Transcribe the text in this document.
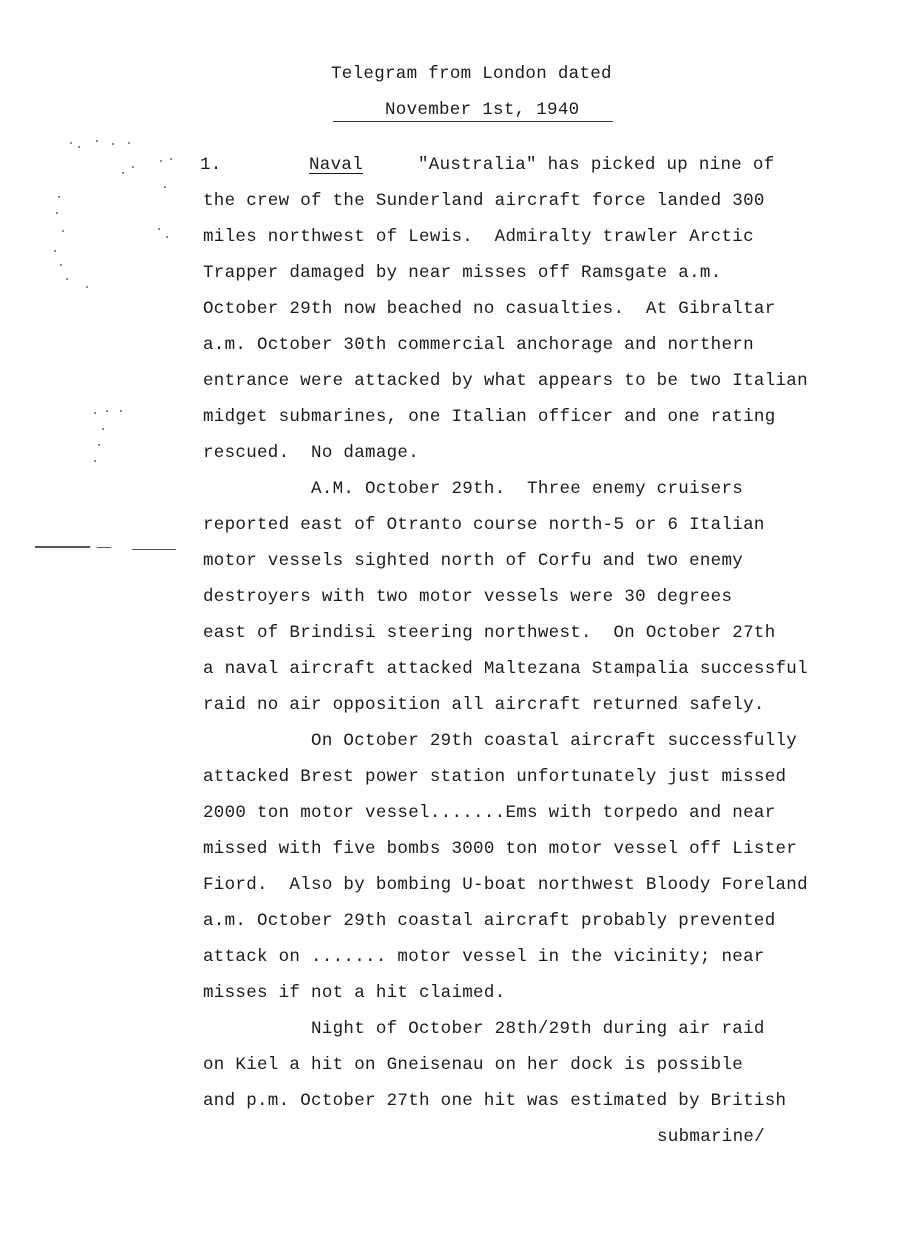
Telegram from London dated
November 1st, 1940
1.	Naval	"Australia" has picked up nine of
the crew of the Sunderland aircraft force landed 300
miles northwest of Lewis.  Admiralty trawler Arctic
Trapper damaged by near misses off Ramsgate a.m.
October 29th now beached no casualties.  At Gibraltar
a.m. October 30th commercial anchorage and northern
entrance were attacked by what appears to be two Italian
midget submarines, one Italian officer and one rating
rescued.  No damage.
A.M. October 29th.  Three enemy cruisers
reported east of Otranto course north-5 or 6 Italian
motor vessels sighted north of Corfu and two enemy
destroyers with two motor vessels were 30 degrees
east of Brindisi steering northwest.  On October 27th
a naval aircraft attacked Maltezana Stampalia successful
raid no air opposition all aircraft returned safely.
On October 29th coastal aircraft successfully
attacked Brest power station unfortunately just missed
2000 ton motor vessel.......Ems with torpedo and near
missed with five bombs 3000 ton motor vessel off Lister
Fiord.  Also by bombing U-boat northwest Bloody Foreland
a.m. October 29th coastal aircraft probably prevented
attack on ....... motor vessel in the vicinity; near
misses if not a hit claimed.
Night of October 28th/29th during air raid
on Kiel a hit on Gneisenau on her dock is possible
and p.m. October 27th one hit was estimated by British
submarine/
